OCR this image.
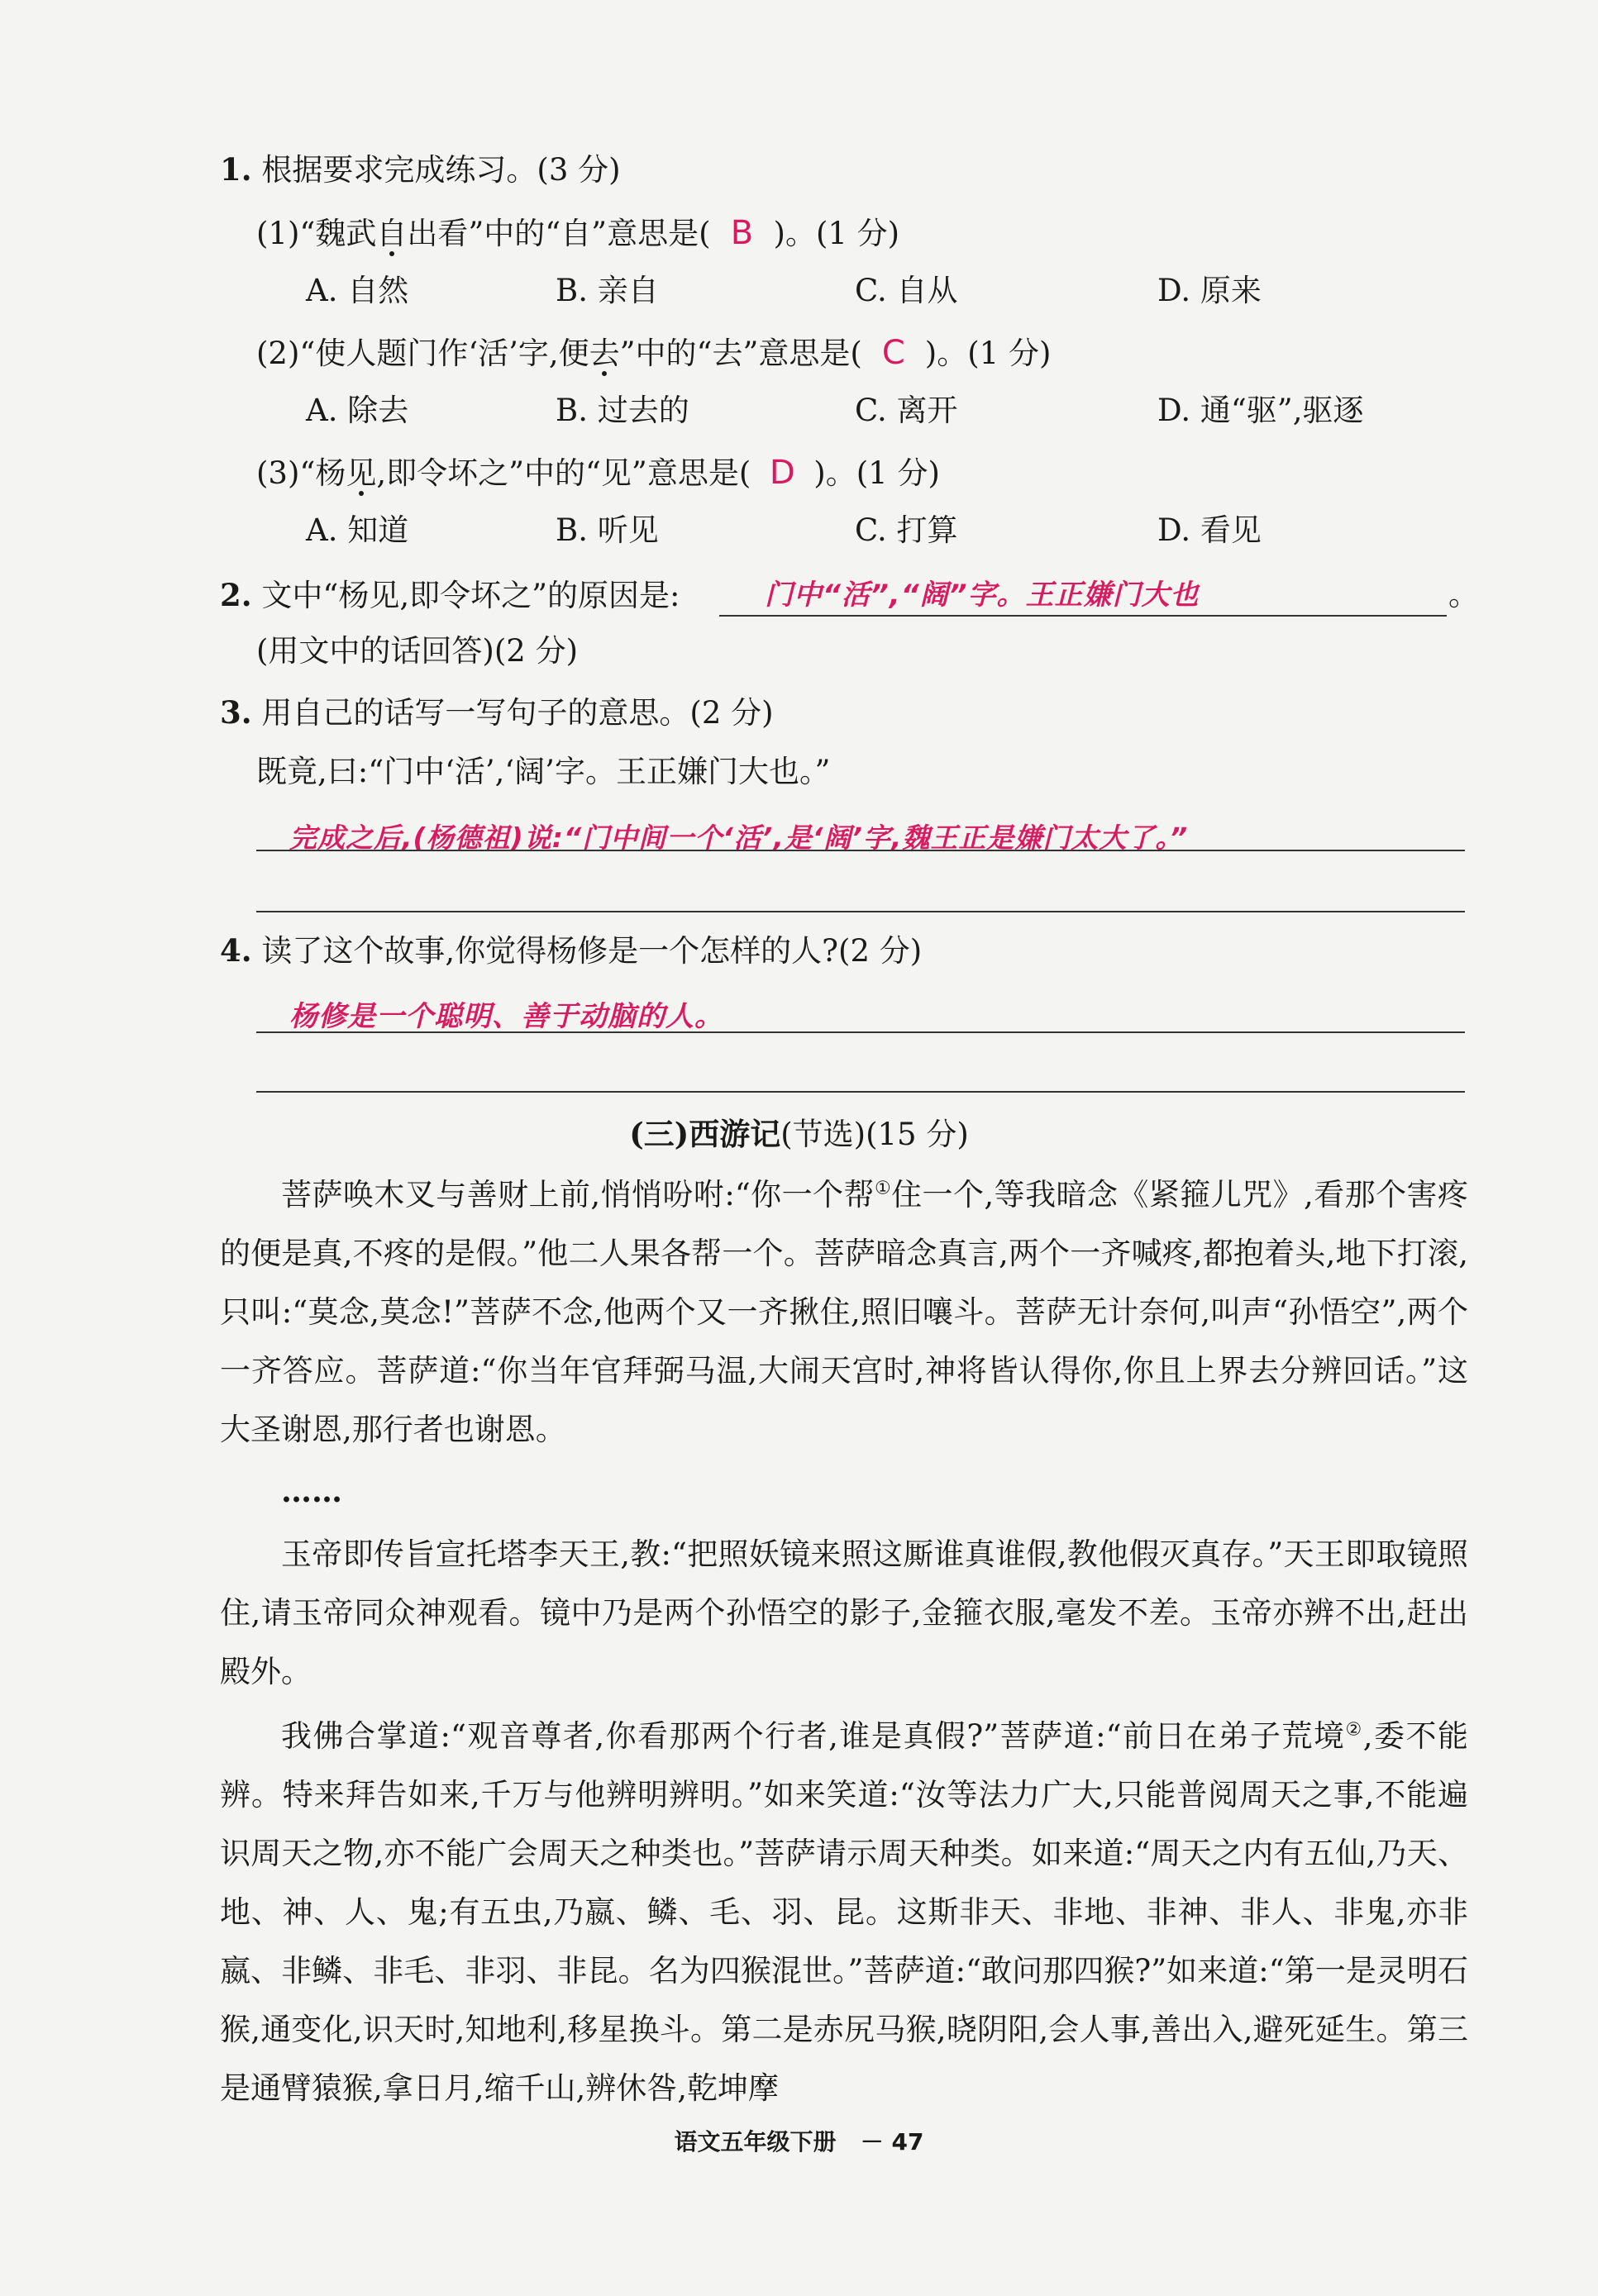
1. 根据要求完成练习。(3 分)
(1)“魏武自出看”中的“自”意思是( B )。(1 分)
A. 自然	B. 亲自	C. 自从	D. 原来
(2)“使人题门作‘活’字,便去”中的“去”意思是( C )。(1 分)
A. 除去	B. 过去的	C. 离开	D. 通“驱”,驱逐
(3)“杨见,即令坏之”中的“见”意思是( D )。(1 分)
A. 知道	B. 听见	C. 打算	D. 看见
2. 文中“杨见,即令坏之”的原因是:	门中“活”,“阔”字。王正嫌门大也	。
(用文中的话回答)(2 分)
3. 用自己的话写一写句子的意思。(2 分)
既竟,曰:“门中‘活’,‘阔’字。王正嫌门大也。”
完成之后,(杨德祖)说:“门中间一个‘活’,是‘阔’字,魏王正是嫌门太大了。”
4. 读了这个故事,你觉得杨修是一个怎样的人?(2 分)
杨修是一个聪明、善于动脑的人。
(三)西游记(节选)(15 分)
菩萨唤木叉与善财上前,悄悄吩咐:“你一个帮①住一个,等我暗念《紧箍儿咒》,看那个害疼的便是真,不疼的是假。”他二人果各帮一个。菩萨暗念真言,两个一齐喊疼,都抱着头,地下打滚,只叫:“莫念,莫念!”菩萨不念,他两个又一齐揪住,照旧嚷斗。菩萨无计奈何,叫声“孙悟空”,两个一齐答应。菩萨道:“你当年官拜弼马温,大闹天宫时,神将皆认得你,你且上界去分辨回话。”这大圣谢恩,那行者也谢恩。
……
玉帝即传旨宣托塔李天王,教:“把照妖镜来照这厮谁真谁假,教他假灭真存。”天王即取镜照住,请玉帝同众神观看。镜中乃是两个孙悟空的影子,金箍衣服,毫发不差。玉帝亦辨不出,赶出殿外。
我佛合掌道:“观音尊者,你看那两个行者,谁是真假?”菩萨道:“前日在弟子荒境②,委不能辨。特来拜告如来,千万与他辨明辨明。”如来笑道:“汝等法力广大,只能普阅周天之事,不能遍识周天之物,亦不能广会周天之种类也。”菩萨请示周天种类。如来道:“周天之内有五仙,乃天、地、神、人、鬼;有五虫,乃嬴、鳞、毛、羽、昆。这斯非天、非地、非神、非人、非鬼,亦非嬴、非鳞、非毛、非羽、非昆。名为四猴混世。”菩萨道:“敢问那四猴?”如来道:“第一是灵明石猴,通变化,识天时,知地利,移星换斗。第二是赤尻马猴,晓阴阳,会人事,善出入,避死延生。第三是通臂猿猴,拿日月,缩千山,辨休咎,乾坤摩
语文五年级下册 － 47
